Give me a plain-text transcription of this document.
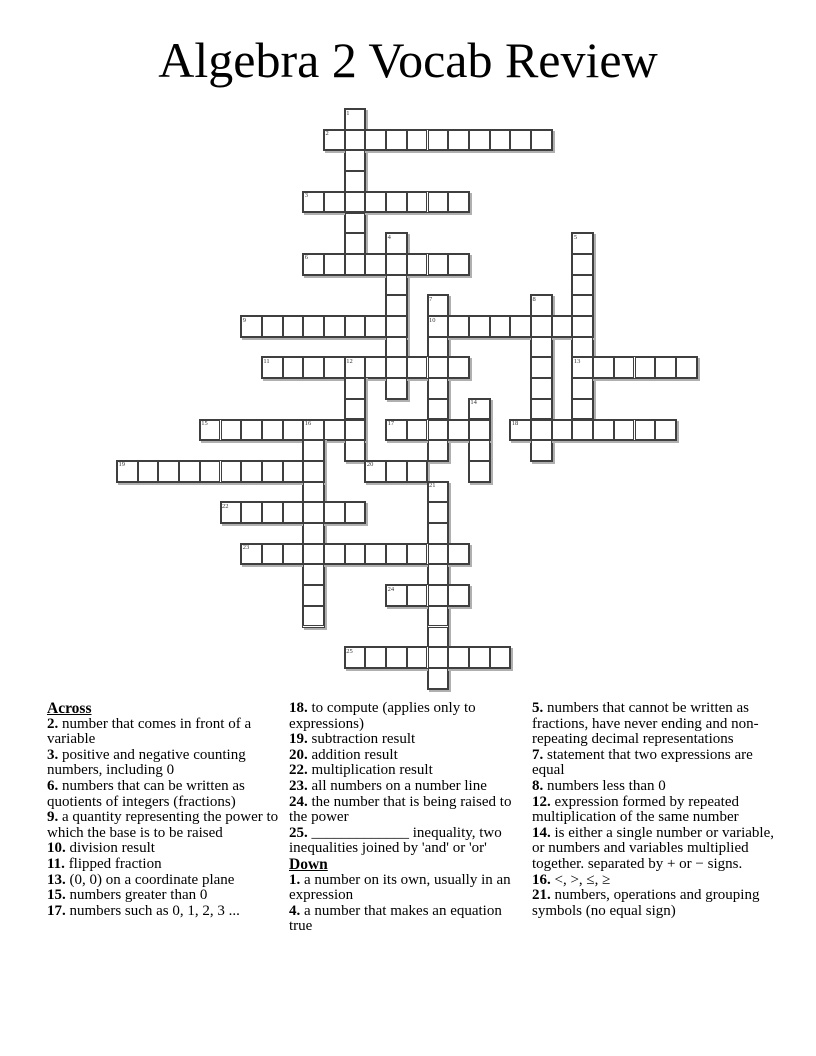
Algebra 2 Vocab Review
1
2
3
4	5
6
7	8
9	10
11	12	13
14
15	16	17	18
19	20
21
22
23
24
25
Across
2. number that comes in front of a variable
3. positive and negative counting numbers, including 0
6. numbers that can be written as quotients of integers (fractions)
9. a quantity representing the power to which the base is to be raised
10. division result
11. flipped fraction
13. (0, 0) on a coordinate plane
15. numbers greater than 0
17. numbers such as 0, 1, 2, 3 ...
18. to compute (applies only to expressions)
19. subtraction result
20. addition result
22. multiplication result
23. all numbers on a number line
24. the number that is being raised to the power
25. _____________ inequality, two inequalities joined by 'and' or 'or'
Down
1. a number on its own, usually in an expression
4. a number that makes an equation true
5. numbers that cannot be written as fractions, have never ending and non-repeating decimal representations
7. statement that two expressions are equal
8. numbers less than 0
12. expression formed by repeated multiplication of the same number
14. is either a single number or variable, or numbers and variables multiplied together. separated by + or − signs.
16. <, >, ≤, ≥
21. numbers, operations and grouping symbols (no equal sign)
